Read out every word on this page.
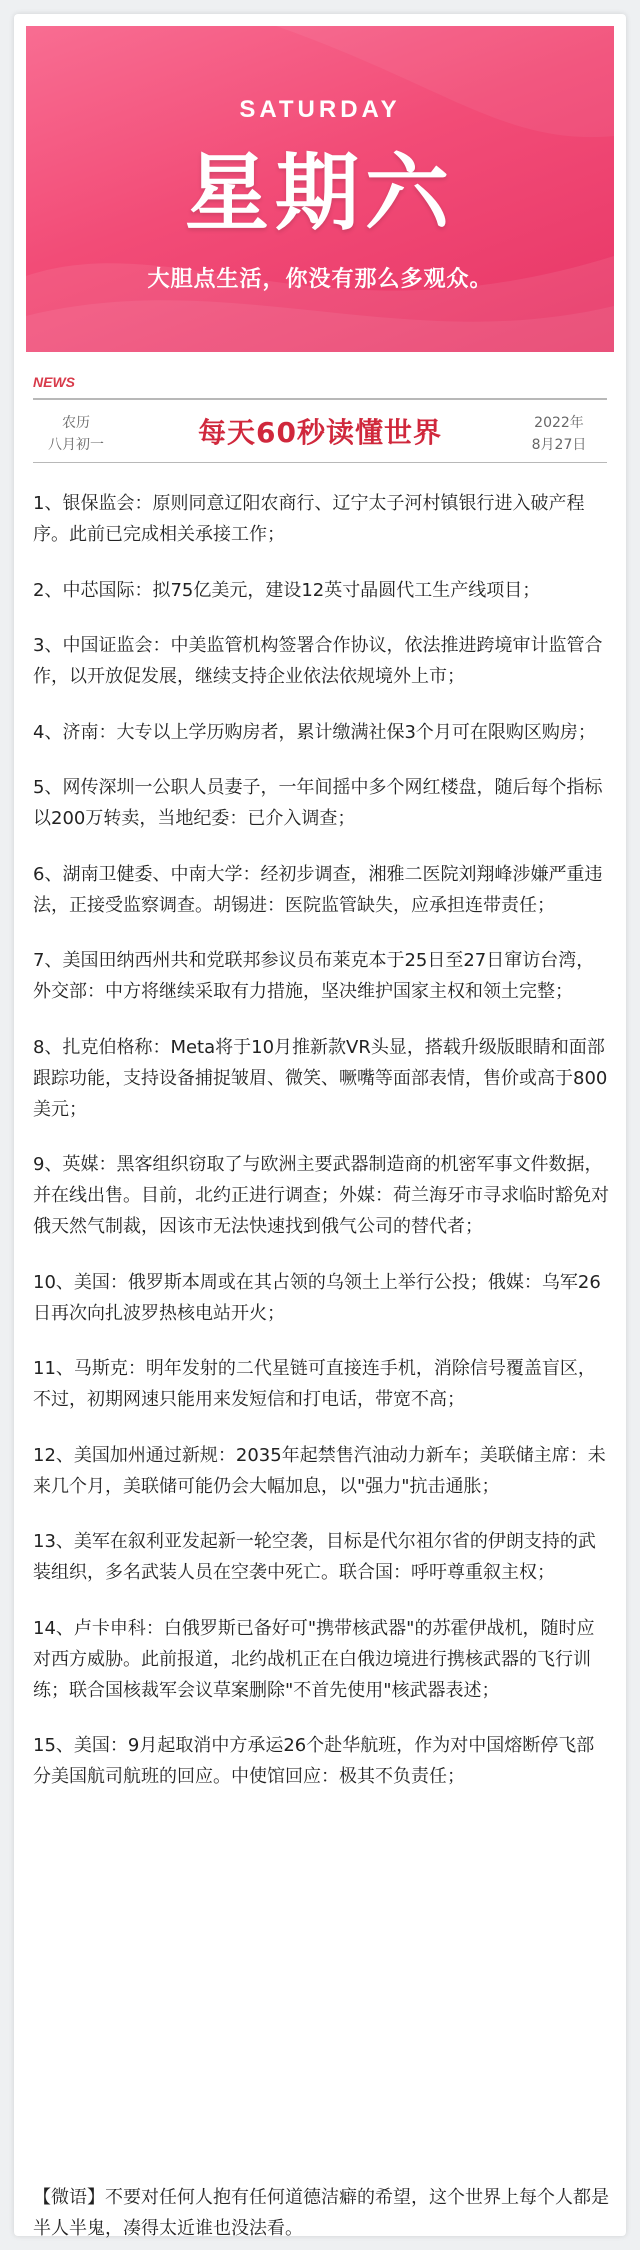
SATURDAY
星期六
大胆点生活，你没有那么多观众。
NEWS
农历
八月初一	每天60秒读懂世界	2022年
8月27日
1、银保监会：原则同意辽阳农商行、辽宁太子河村镇银行进入破产程序。此前已完成相关承接工作；
2、中芯国际：拟75亿美元，建设12英寸晶圆代工生产线项目；
3、中国证监会：中美监管机构签署合作协议，依法推进跨境审计监管合作，以开放促发展，继续支持企业依法依规境外上市；
4、济南：大专以上学历购房者，累计缴满社保3个月可在限购区购房；
5、网传深圳一公职人员妻子，一年间摇中多个网红楼盘，随后每个指标以200万转卖，当地纪委：已介入调查；
6、湖南卫健委、中南大学：经初步调查，湘雅二医院刘翔峰涉嫌严重违法，正接受监察调查。胡锡进：医院监管缺失，应承担连带责任；
7、美国田纳西州共和党联邦参议员布莱克本于25日至27日窜访台湾，外交部：中方将继续采取有力措施，坚决维护国家主权和领土完整；
8、扎克伯格称：Meta将于10月推新款VR头显，搭载升级版眼睛和面部跟踪功能，支持设备捕捉皱眉、微笑、噘嘴等面部表情，售价或高于800美元；
9、英媒：黑客组织窃取了与欧洲主要武器制造商的机密军事文件数据，并在线出售。目前，北约正进行调查；外媒：荷兰海牙市寻求临时豁免对俄天然气制裁，因该市无法快速找到俄气公司的替代者；
10、美国：俄罗斯本周或在其占领的乌领土上举行公投；俄媒：乌军26日再次向扎波罗热核电站开火；
11、马斯克：明年发射的二代星链可直接连手机，消除信号覆盖盲区，不过，初期网速只能用来发短信和打电话，带宽不高；
12、美国加州通过新规：2035年起禁售汽油动力新车；美联储主席：未来几个月，美联储可能仍会大幅加息，以"强力"抗击通胀；
13、美军在叙利亚发起新一轮空袭，目标是代尔祖尔省的伊朗支持的武装组织，多名武装人员在空袭中死亡。联合国：呼吁尊重叙主权；
14、卢卡申科：白俄罗斯已备好可"携带核武器"的苏霍伊战机，随时应对西方威胁。此前报道，北约战机正在白俄边境进行携核武器的飞行训练；联合国核裁军会议草案删除"不首先使用"核武器表述；
15、美国：9月起取消中方承运26个赴华航班，作为对中国熔断停飞部分美国航司航班的回应。中使馆回应：极其不负责任；
【微语】不要对任何人抱有任何道德洁癖的希望，这个世界上每个人都是半人半鬼，凑得太近谁也没法看。
